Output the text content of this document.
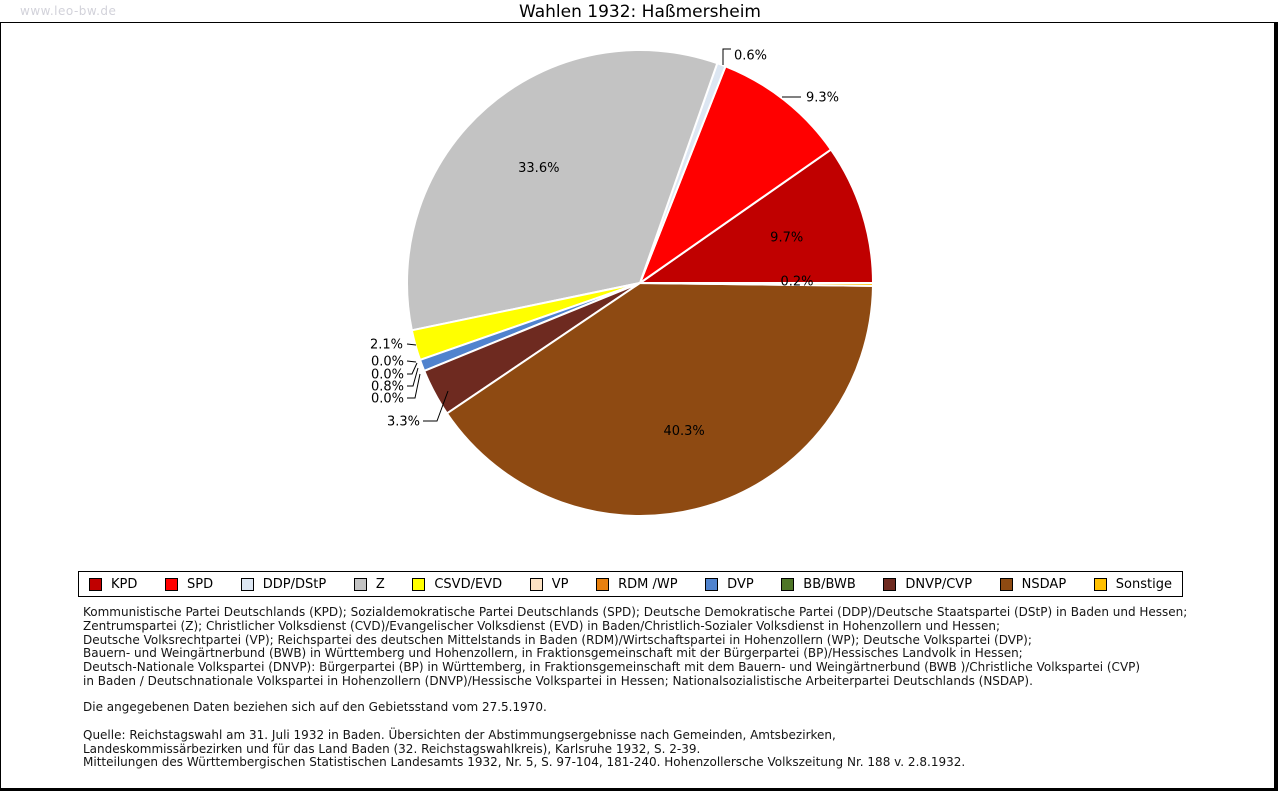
www.leo-bw.de	Wahlen 1932: Haßmersheim
9.7%
9.3%
0.6%
33.6%
2.1%
0.0%
0.0%
0.8%
0.0%
3.3%
40.3%
0.2%
KPD	SPD	DDP/DStP	Z	CSVD/EVD	VP	RDM /WP	DVP	BB/BWB	DNVP/CVP	NSDAP	Sonstige
Kommunistische Partei Deutschlands (KPD); Sozialdemokratische Partei Deutschlands (SPD); Deutsche Demokratische Partei (DDP)/Deutsche Staatspartei (DStP) in Baden und Hessen;
Zentrumspartei (Z); Christlicher Volksdienst (CVD)/Evangelischer Volksdienst (EVD) in Baden/Christlich-Sozialer Volksdienst in Hohenzollern und Hessen;
Deutsche Volksrechtpartei (VP); Reichspartei des deutschen Mittelstands in Baden (RDM)/Wirtschaftspartei in Hohenzollern (WP); Deutsche Volkspartei (DVP);
Bauern- und Weingärtnerbund (BWB) in Württemberg und Hohenzollern, in Fraktionsgemeinschaft mit der Bürgerpartei (BP)/Hessisches Landvolk in Hessen;
Deutsch-Nationale Volkspartei (DNVP): Bürgerpartei (BP) in Württemberg, in Fraktionsgemeinschaft mit dem Bauern- und Weingärtnerbund (BWB )/Christliche Volkspartei (CVP)
in Baden / Deutschnationale Volkspartei in Hohenzollern (DNVP)/Hessische Volkspartei in Hessen; Nationalsozialistische Arbeiterpartei Deutschlands (NSDAP).
Die angegebenen Daten beziehen sich auf den Gebietsstand vom 27.5.1970.
Quelle: Reichstagswahl am 31. Juli 1932 in Baden. Übersichten der Abstimmungsergebnisse nach Gemeinden, Amtsbezirken,
Landeskommissärbezirken und für das Land Baden (32. Reichstagswahlkreis), Karlsruhe 1932, S. 2-39.
Mitteilungen des Württembergischen Statistischen Landesamts 1932, Nr. 5, S. 97-104, 181-240. Hohenzollersche Volkszeitung Nr. 188 v. 2.8.1932.
